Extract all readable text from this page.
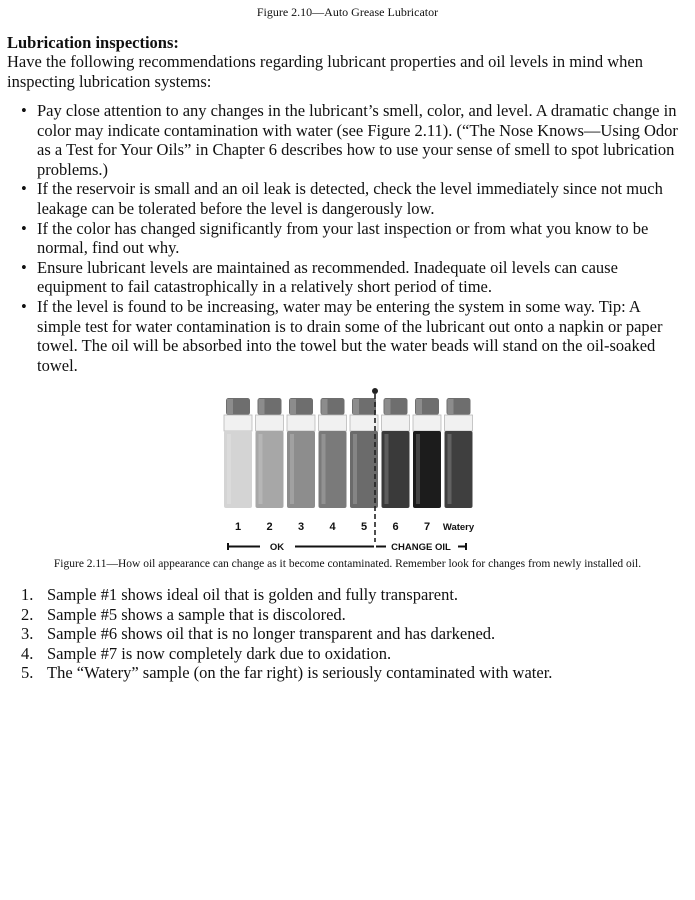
Figure 2.10—Auto Grease Lubricator
Lubrication inspections:
Have the following recommendations regarding lubricant properties and oil levels in mind when inspecting lubrication systems:
• Pay close attention to any changes in the lubricant’s smell, color, and level. A dramatic change in color may indicate contamination with water (see Figure 2.11). (“The Nose Knows—Using Odor as a Test for Your Oils” in Chapter 6 describes how to use your sense of smell to spot lubrication problems.)
• If the reservoir is small and an oil leak is detected, check the level immediately since not much leakage can be tolerated before the level is dangerously low.
• If the color has changed significantly from your last inspection or from what you know to be normal, find out why.
• Ensure lubricant levels are maintained as recommended. Inadequate oil levels can cause equipment to fail catastrophically in a relatively short period of time.
• If the level is found to be increasing, water may be entering the system in some way. Tip: A simple test for water contamination is to drain some of the lubricant out onto a napkin or paper towel. The oil will be absorbed into the towel but the water beads will stand on the oil-soaked towel.
1 2 3 4 5 6 7 Watery
OK	CHANGE OIL
Figure 2.11—How oil appearance can change as it become contaminated. Remember look for changes from newly installed oil.
1. Sample #1 shows ideal oil that is golden and fully transparent.
2. Sample #5 shows a sample that is discolored.
3. Sample #6 shows oil that is no longer transparent and has darkened.
4. Sample #7 is now completely dark due to oxidation.
5. The “Watery” sample (on the far right) is seriously contaminated with water.
